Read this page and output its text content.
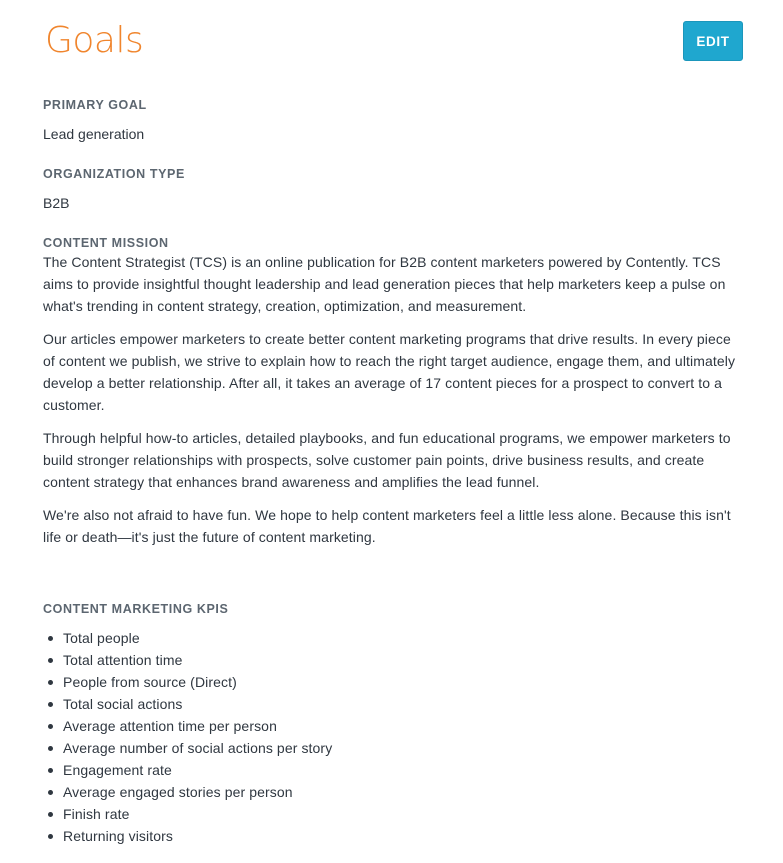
Goals	EDIT

PRIMARY GOAL

Lead generation

ORGANIZATION TYPE

B2B

CONTENT MISSION

The Content Strategist (TCS) is an online publication for B2B content marketers powered by Contently. TCS aims to provide insightful thought leadership and lead generation pieces that help marketers keep a pulse on what's trending in content strategy, creation, optimization, and measurement.

Our articles empower marketers to create better content marketing programs that drive results. In every piece of content we publish, we strive to explain how to reach the right target audience, engage them, and ultimately develop a better relationship. After all, it takes an average of 17 content pieces for a prospect to convert to a customer.

Through helpful how-to articles, detailed playbooks, and fun educational programs, we empower marketers to build stronger relationships with prospects, solve customer pain points, drive business results, and create content strategy that enhances brand awareness and amplifies the lead funnel.

We're also not afraid to have fun. We hope to help content marketers feel a little less alone. Because this isn't life or death—it's just the future of content marketing.

CONTENT MARKETING KPIS

Total people
Total attention time
People from source (Direct)
Total social actions
Average attention time per person
Average number of social actions per story
Engagement rate
Average engaged stories per person
Finish rate
Returning visitors
